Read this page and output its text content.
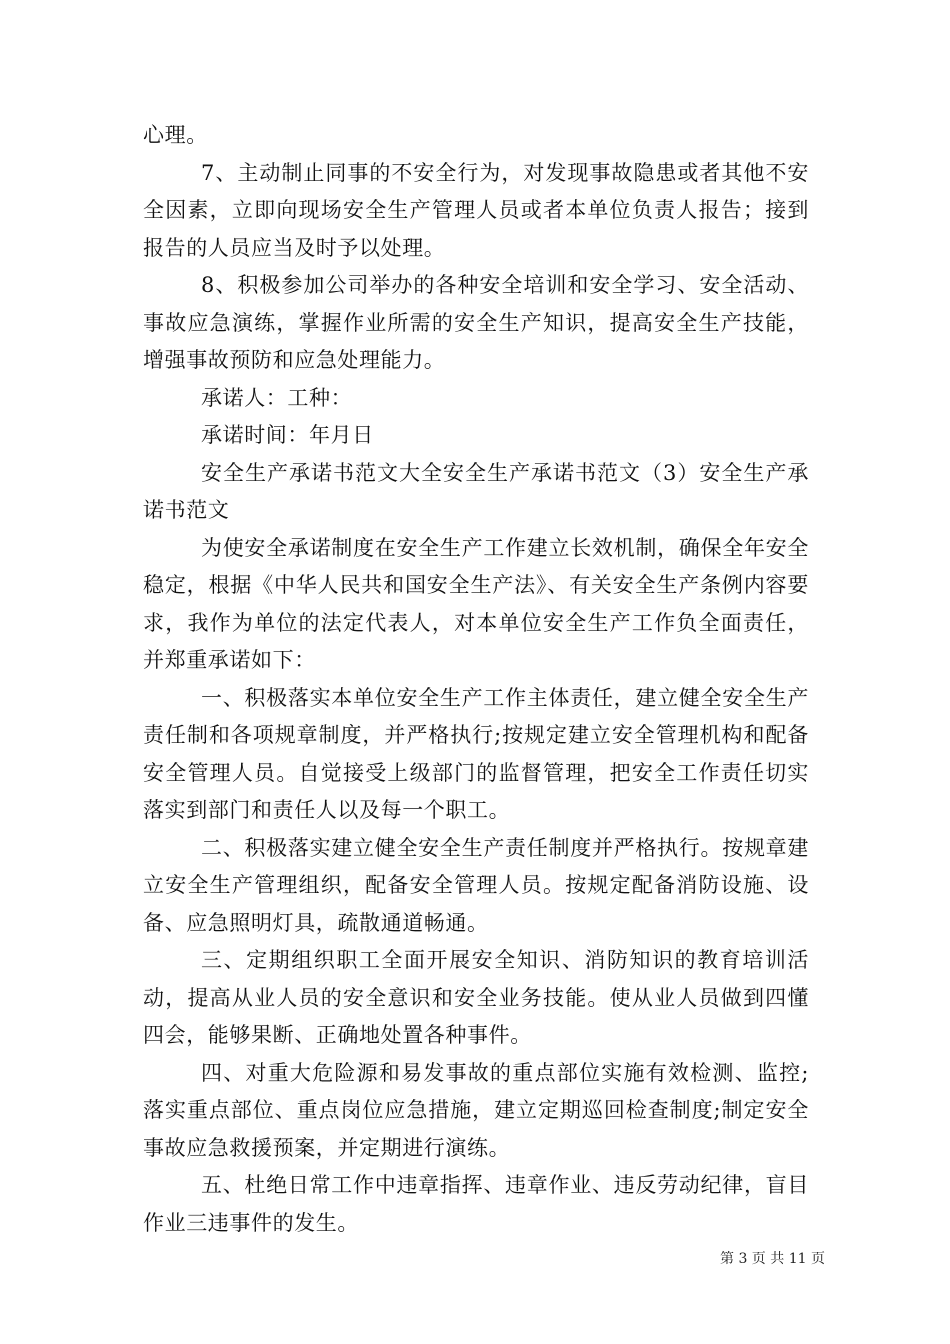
心理。

7、主动制止同事的不安全行为，对发现事故隐患或者其他不安全因素，立即向现场安全生产管理人员或者本单位负责人报告；接到报告的人员应当及时予以处理。

8、积极参加公司举办的各种安全培训和安全学习、安全活动、事故应急演练，掌握作业所需的安全生产知识，提高安全生产技能，增强事故预防和应急处理能力。

承诺人：工种：

承诺时间：年月日

安全生产承诺书范文大全安全生产承诺书范文（3）安全生产承诺书范文

为使安全承诺制度在安全生产工作建立长效机制，确保全年安全稳定，根据《中华人民共和国安全生产法》、有关安全生产条例内容要求，我作为单位的法定代表人，对本单位安全生产工作负全面责任，并郑重承诺如下：

一、积极落实本单位安全生产工作主体责任，建立健全安全生产责任制和各项规章制度，并严格执行;按规定建立安全管理机构和配备安全管理人员。自觉接受上级部门的监督管理，把安全工作责任切实落实到部门和责任人以及每一个职工。

二、积极落实建立健全安全生产责任制度并严格执行。按规章建立安全生产管理组织，配备安全管理人员。按规定配备消防设施、设备、应急照明灯具，疏散通道畅通。

三、定期组织职工全面开展安全知识、消防知识的教育培训活动，提高从业人员的安全意识和安全业务技能。使从业人员做到四懂四会，能够果断、正确地处置各种事件。

四、对重大危险源和易发事故的重点部位实施有效检测、监控;落实重点部位、重点岗位应急措施，建立定期巡回检查制度;制定安全事故应急救援预案，并定期进行演练。

五、杜绝日常工作中违章指挥、违章作业、违反劳动纪律，盲目作业三违事件的发生。

第 3 页 共 11 页
